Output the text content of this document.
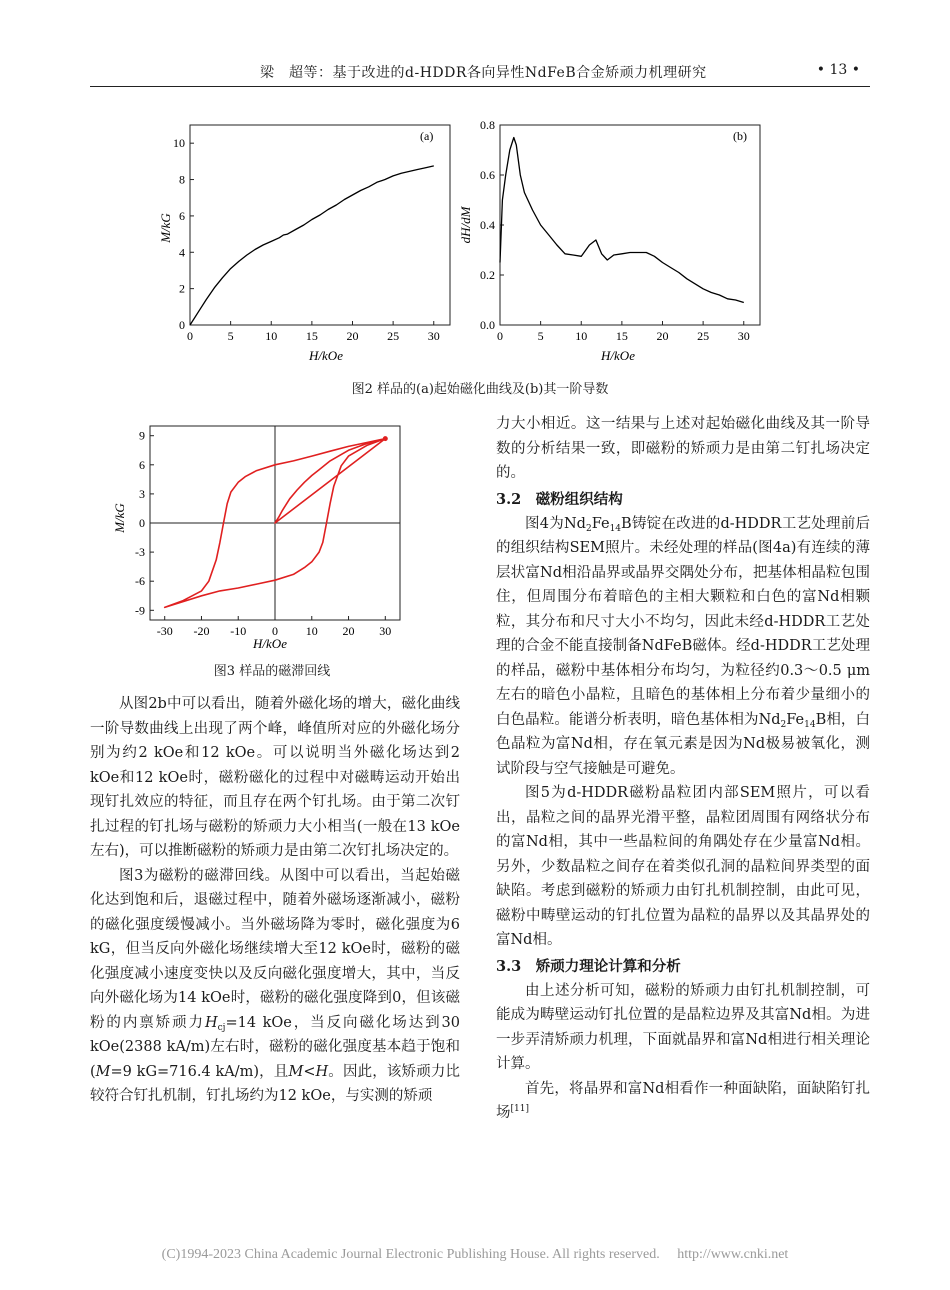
梁　超等：基于改进的d-HDDR各向异性NdFeB合金矫顽力机理研究	• 13 •
0	5	10 15 20 25 30
0
2
4
6
8
10
(a)
H/kOe
M/kG
0	5	10 15 20 25 30
0.0
0.2
0.4
0.6
0.8
(b)
H/kOe
dH/dM
图2 样品的(a)起始磁化曲线及(b)其一阶导数
-30 -20 -10 0 10 20 30
-9
-6
-3
0
3
6
9
H/kOe
M/kG
图3 样品的磁滞回线

从图2b中可以看出，随着外磁化场的增大，磁化曲线一阶导数曲线上出现了两个峰，峰值所对应的外磁化场分别为约2 kOe和12 kOe。可以说明当外磁化场达到2 kOe和12 kOe时，磁粉磁化的过程中对磁畴运动开始出现钉扎效应的特征，而且存在两个钉扎场。由于第二次钉扎过程的钉扎场与磁粉的矫顽力大小相当(一般在13 kOe左右)，可以推断磁粉的矫顽力是由第二次钉扎场决定的。

图3为磁粉的磁滞回线。从图中可以看出，当起始磁化达到饱和后，退磁过程中，随着外磁场逐渐减小，磁粉的磁化强度缓慢减小。当外磁场降为零时，磁化强度为6 kG，但当反向外磁化场继续增大至12 kOe时，磁粉的磁化强度减小速度变快以及反向磁化强度增大，其中，当反向外磁化场为14 kOe时，磁粉的磁化强度降到0，但该磁粉的内禀矫顽力$H_{cj}=14$ kOe，当反向磁化场达到30 kOe(2388 kA/m)左右时，磁粉的磁化强度基本趋于饱和(M=9 kG=716.4 kA/m)，且M<H。因此，该矫顽力比较符合钉扎机制，钉扎场约为12 kOe，与实测的矫顽

力大小相近。这一结果与上述对起始磁化曲线及其一阶导数的分析结果一致，即磁粉的矫顽力是由第二钉扎场决定的。

3.2　磁粉组织结构

图4为$Nd_2Fe_{14}B$铸锭在改进的d-HDDR工艺处理前后的组织结构SEM照片。未经处理的样品(图4a)有连续的薄层状富Nd相沿晶界或晶界交隅处分布，把基体相晶粒包围住，但周围分布着暗色的主相大颗粒和白色的富Nd相颗粒，其分布和尺寸大小不均匀，因此未经d-HDDR工艺处理的合金不能直接制备NdFeB磁体。经d-HDDR工艺处理的样品，磁粉中基体相分布均匀，为粒径约0.3～0.5 μm左右的暗色小晶粒，且暗色的基体相上分布着少量细小的白色晶粒。能谱分析表明，暗色基体相为$Nd_2Fe_{14}B$相，白色晶粒为富Nd相，存在氧元素是因为Nd极易被氧化，测试阶段与空气接触是可避免。

图5为d-HDDR磁粉晶粒团内部SEM照片，可以看出，晶粒之间的晶界光滑平整，晶粒团周围有网络状分布的富Nd相，其中一些晶粒间的角隅处存在少量富Nd相。另外，少数晶粒之间存在着类似孔洞的晶粒间界类型的面缺陷。考虑到磁粉的矫顽力由钉扎机制控制，由此可见，磁粉中畴壁运动的钉扎位置为晶粒的晶界以及其晶界处的富Nd相。

3.3　矫顽力理论计算和分析

由上述分析可知，磁粉的矫顽力由钉扎机制控制，可能成为畴壁运动钉扎位置的是晶粒边界及其富Nd相。为进一步弄清矫顽力机理，下面就晶界和富Nd相进行相关理论计算。

首先，将晶界和富Nd相看作一种面缺陷，面缺陷钉扎场[11]

(C)1994-2023 China Academic Journal Electronic Publishing House. All rights reserved.　 http://www.cnki.net
